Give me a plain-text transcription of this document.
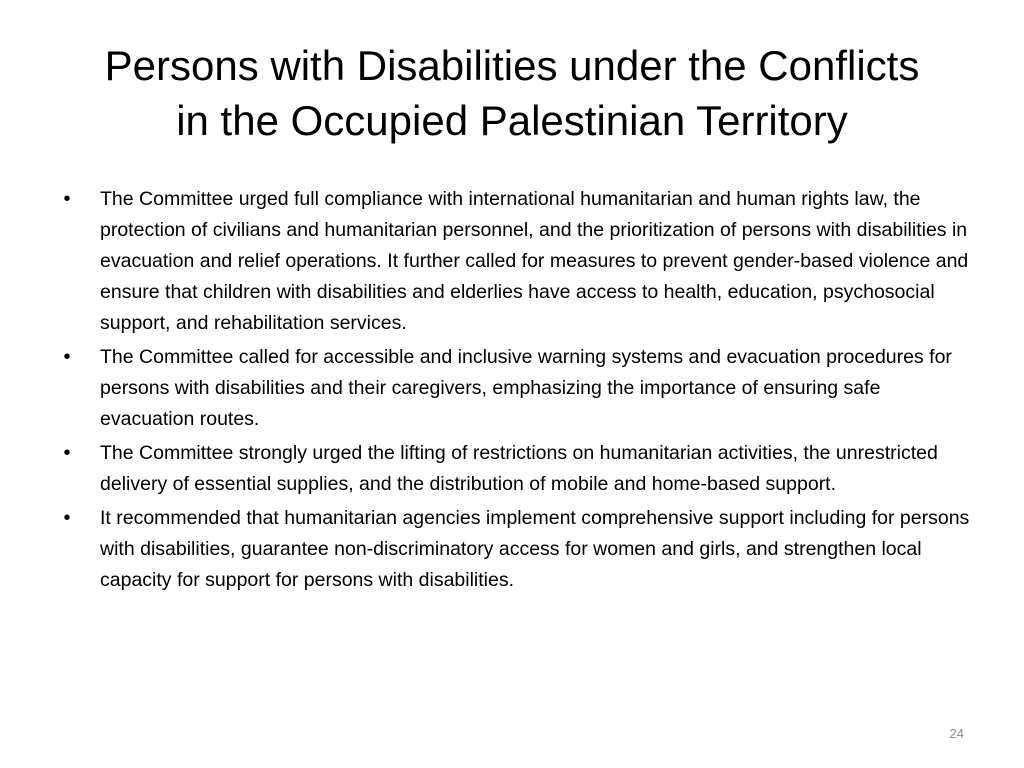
Persons with Disabilities under the Conflicts
in the Occupied Palestinian Territory
• The Committee urged full compliance with international humanitarian and human rights law, the protection of civilians and humanitarian personnel, and the prioritization of persons with disabilities in evacuation and relief operations. It further called for measures to prevent gender-based violence and ensure that children with disabilities and elderlies have access to health, education, psychosocial support, and rehabilitation services.
• The Committee called for accessible and inclusive warning systems and evacuation procedures for persons with disabilities and their caregivers, emphasizing the importance of ensuring safe evacuation routes.
• The Committee strongly urged the lifting of restrictions on humanitarian activities, the unrestricted delivery of essential supplies, and the distribution of mobile and home-based support.
• It recommended that humanitarian agencies implement comprehensive support including for persons with disabilities, guarantee non-discriminatory access for women and girls, and strengthen local capacity for support for persons with disabilities.
24
